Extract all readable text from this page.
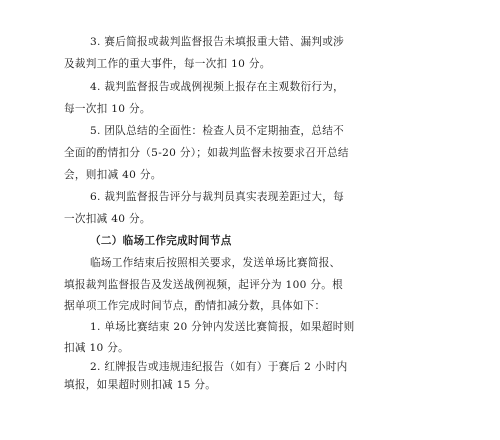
3. 赛后简报或裁判监督报告未填报重大错、漏判或涉
及裁判工作的重大事件，每一次扣 10 分。
4. 裁判监督报告或战例视频上报存在主观数衍行为，
每一次扣 10 分。
5. 团队总结的全面性：检查人员不定期抽查，总结不
全面的酌情扣分（5-20 分）；如裁判监督未按要求召开总结
会，则扣减 40 分。
6. 裁判监督报告评分与裁判员真实表现差距过大，每
一次扣减 40 分。
（二）临场工作完成时间节点
临场工作结束后按照相关要求，发送单场比赛简报、
填报裁判监督报告及发送战例视频，起评分为 100 分。根
据单项工作完成时间节点，酌情扣减分数，具体如下：
1. 单场比赛结束 20 分钟内发送比赛简报，如果超时则
扣减 10 分。
2. 红牌报告或违规违纪报告（如有）于赛后 2 小时内
填报，如果超时则扣减 15 分。
